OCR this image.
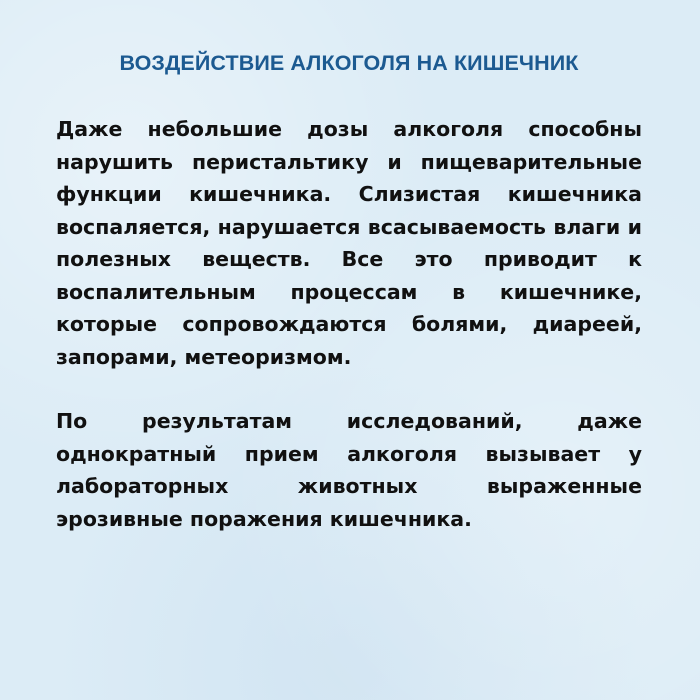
ВОЗДЕЙСТВИЕ АЛКОГОЛЯ НА КИШЕЧНИК

Даже небольшие дозы алкоголя способны нарушить перистальтику и пищеварительные функции кишечника. Слизистая кишечника воспаляется, нарушается всасываемость влаги и полезных веществ. Все это приводит к воспалительным процессам в кишечнике, которые сопровождаются болями, диареей, запорами, метеоризмом.

По результатам исследований, даже однократный прием алкоголя вызывает у лабораторных животных выраженные эрозивные поражения кишечника.
